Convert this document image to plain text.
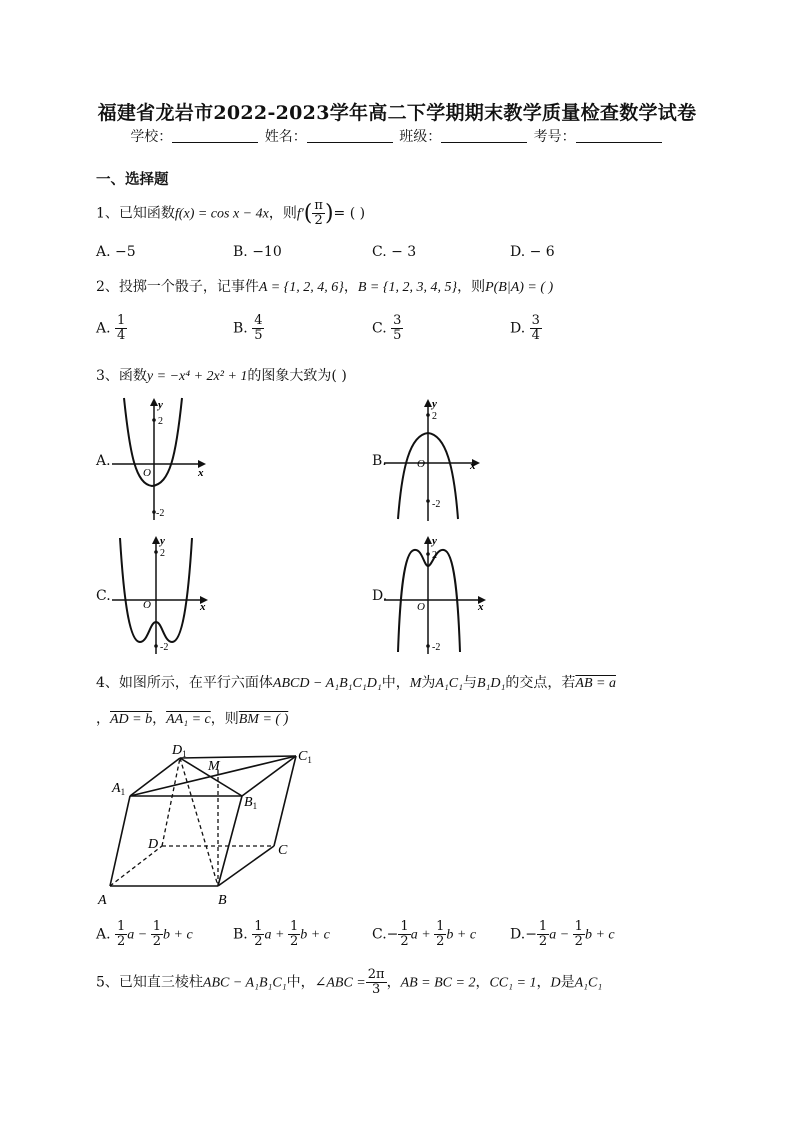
福建省龙岩市2022-2023学年高二下学期期末教学质量检查数学试卷
学校：	姓名：	班级：	考号：
一、选择题
1、已知函数f(x) = cos x − 4x，则$f'( \frac{\pi}{2}$ )= ( )
A. −5	B. −10	C. − 3	D. − 6
2、投掷一个骰子，记事件A = {1, 2, 4, 6}，B = {1, 2, 3, 4, 5}，则P(B|A) = ( )
A. $\frac{1}{4}$	B. $\frac{4}{5}$	C. $\frac{3}{5}$	D. $\frac{3}{4}$
3、函数y = −x⁴ + 2x² + 1的图象大致为( )
A.	B.
C.	D.
y
2
O	x
-2
y
2
O	x
-2
y
2
O	x
-2
y
2
O	x
-2
4、如图所示，在平行六面体ABCD − A₁B₁C₁D₁中，M为A₁C₁与B₁D₁的交点，若AB = a
，AD = b，AA₁ = c，则BM = ( )
A	B
C
D
$A_1$
$B_1$
$C_1$
$D_1$
M
A. $\frac{1}{2}$ $a - \frac{1}{2}$ b + c	B. $\frac{1}{2}$ $a + \frac{1}{2}$ b + c	$C.- \frac{1}{2}$ $a + \frac{1}{2}$ b + c $D.- \frac{1}{2}$ $a - \frac{1}{2}$ b + c
5、已知直三棱柱ABC − A₁B₁C₁中，∠ABC = $\frac{2\pi}{3}$ ，AB = BC = 2，CC₁ = 1，D是A₁C₁
